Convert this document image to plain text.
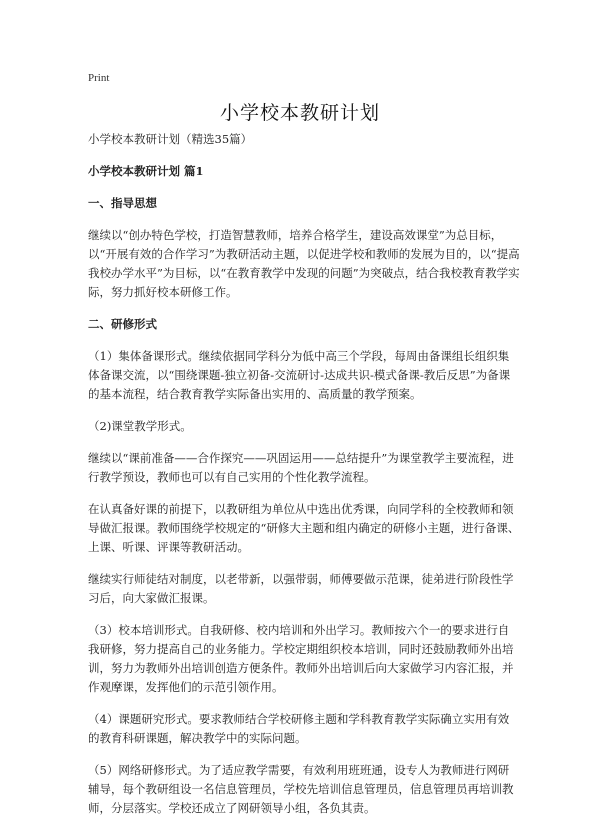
Print
小学校本教研计划

小学校本教研计划（精选35篇）

小学校本教研计划 篇1

一、指导思想

继续以“创办特色学校，打造智慧教师，培养合格学生，建设高效课堂”为总目标，以“开展有效的合作学习”为教研活动主题，以促进学校和教师的发展为目的，以“提高我校办学水平”为目标，以“在教育教学中发现的问题”为突破点，结合我校教育教学实际，努力抓好校本研修工作。

二、研修形式

（1）集体备课形式。继续依据同学科分为低中高三个学段，每周由备课组长组织集体备课交流，以“围绕课题-独立初备-交流研讨-达成共识-模式备课-教后反思”为备课的基本流程，结合教育教学实际备出实用的、高质量的教学预案。

（2)课堂教学形式。

继续以“课前准备——合作探究——巩固运用——总结提升”为课堂教学主要流程，进行教学预设，教师也可以有自己实用的个性化教学流程。

在认真备好课的前提下，以教研组为单位从中选出优秀课，向同学科的全校教师和领导做汇报课。教师围绕学校规定的“研修大主题和组内确定的研修小主题，进行备课、上课、听课、评课等教研活动。

继续实行师徒结对制度，以老带新，以强带弱，师傅要做示范课，徒弟进行阶段性学习后，向大家做汇报课。

（3）校本培训形式。自我研修、校内培训和外出学习。教师按六个一的要求进行自我研修，努力提高自己的业务能力。学校定期组织校本培训，同时还鼓励教师外出培训，努力为教师外出培训创造方便条件。教师外出培训后向大家做学习内容汇报，并作观摩课，发挥他们的示范引领作用。

（4）课题研究形式。要求教师结合学校研修主题和学科教育教学实际确立实用有效的教育科研课题，解决教学中的实际问题。

（5）网络研修形式。为了适应教学需要，有效利用班班通，设专人为教师进行网研辅导，每个教研组设一名信息管理员，学校先培训信息管理员，信息管理员再培训教师，分层落实。学校还成立了网研领导小组，各负其责。
